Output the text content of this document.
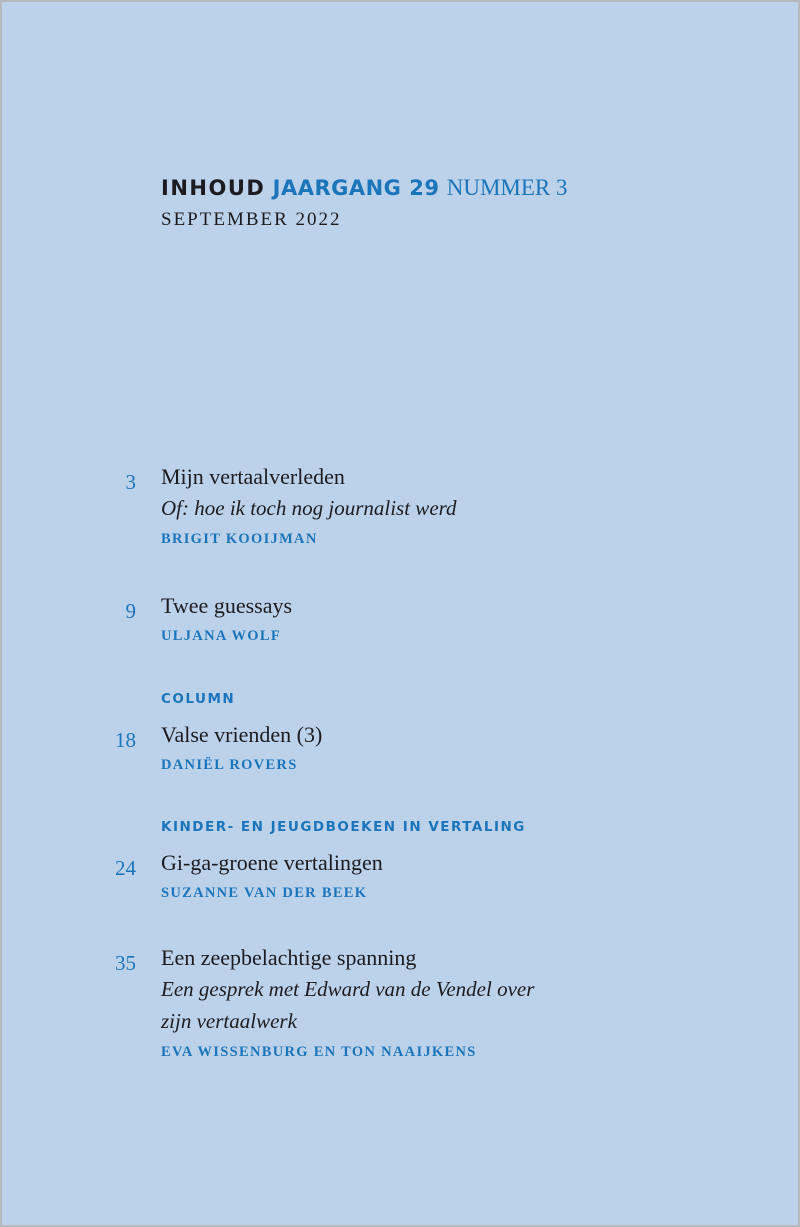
INHOUD JAARGANG 29 NUMMER 3
SEPTEMBER 2022
3 Mijn vertaalverleden
Of: hoe ik toch nog journalist werd
BRIGIT KOOIJMAN
9 Twee guessays
ULJANA WOLF
18
COLUMN
Valse vrienden (3)
DANIËL ROVERS
24
KINDER- EN JEUGDBOEKEN IN VERTALING
Gi-ga-groene vertalingen
SUZANNE VAN DER BEEK
35 Een zeepbelachtige spanning
Een gesprek met Edward van de Vendel over
zijn vertaalwerk
EVA WISSENBURG EN TON NAAIJKENS
